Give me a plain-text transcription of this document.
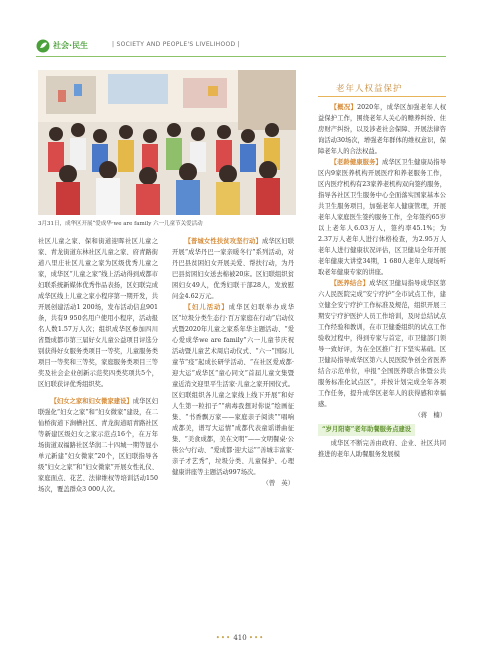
社会·民生	| SOCIETY AND PEOPLE'S LIVELIHOOD |
3月31日，成华区开展“爱成华·we are family 六一儿童节关爱活动

社区儿童之家、保和街道迎晖社区儿童之家、青龙街道东林社区儿童之家、府青路街道八里庄社区儿童之家为区级优秀儿童之家，成华区“儿童之家”线上活动得到成都市妇联系统新媒体优秀作品表扬，区妇联完成成华区线上儿童之家小程序第一期开发，共开展创建活动1 200场，发布活动信息901条，共有9 950名用户使用小程序，活动报名人数1.57万人次；组织成华区参加四川省暨成都市第三届好女儿童公益项目评选分别获得好女服务类项目一等奖，儿童服务类项目一等奖和三等奖，家庭服务类项目三等奖及社会企业创新示范奖四类奖项共5个，区妇联获评优秀组织奖。

【妇女之家和妇女微家建设】成华区妇联强化“妇女之家”和“妇女微家”建设，在二仙桥街道下涧槽社区、青龙街道昭青路社区等新建区级妇女之家示范点16个，在万年场街道双福路社区华润二十四城一期等显小单元新建“妇女微家”20个，区妇联指导各级“妇女之家”和“妇女微家”开展女性礼仪、家庭面点、花艺、法律维权等培训活动150场次，覆盖群众3 000人次。

【普城女性扶贫攻坚行动】成华区妇联开展“成华丹巴一家亲暖冬行”系列活动，对丹巴县贫困妇女开展关爱、帮扶行动，为丹巴县贫困妇女送去棉被20床。区妇联组织贫困妇女49人，优秀妇联干部28人，发放慰问金4.62万元。

【妇儿活动】成华区妇联举办成华区“垃圾分类生态行·百万家庭在行动”启动仪式暨2020年儿童之家系年华主题活动、“爱心爱成华we are family”六一儿童节庆祝活动暨儿童艺术周启动仪式、“六一”国际儿童节“疫”起成长研学活动、“在社区爱成都·迎大运”成华区“童心同文”首届儿童文集暨童近消文迎里平生活家·儿童之家开园仪式。区妇联组织各儿童之家线上线下开展“和好人生第一粒扣子”“病毒我想对你说”绘画征集、“书香飘万家——家庭亲子阅读”“唱响成都美，谱写大运情”成都代表童谣谱曲征集、“美食成都，美在文明”——文明餐桌·公筷公勺行动、“爱成都·迎大运”“善城丰富家·亲子才艺秀”，垃圾分类、儿童保护、心理健康讲座等主题活动997场次。

（曾　英）

老年人权益保护

【概况】2020年，成华区加强老年人权益保护工作，围绕老年人关心的赡养纠纷、住房财产纠纷，以及涉老社会保障、开展法律咨询活动30场次，增强老年群体的维权意识，保障老年人的合法权益。

【老龄健康服务】成华区卫生健康局指导区内9家医养机构开展医疗和养老服务工作，区内医疗机构有23家养老机构双向签约服务，指导各社区卫生服务中心全面落实国家基本公共卫生服务项目，加强老年人健康管理，开展老年人家庭医生签约服务工作，全年签约65岁以上老年人6.03万人，签约率45.1%；为2.37万人老年人进行体格检查，为2.95万人老年人进行健康状况评估，区卫健局全年开展老年健康大讲堂34期，1 680人老年人现场听取老年健康专家的讲座。

【医养结合】成华区卫健局指导成华区第六人民医院完成“安宁疗护”全市试点工作，建立健全安宁疗护工作标准及规范，组织开展三期安宁疗护医护人员工作培训，及时总结试点工作经验和教训，在市卫健委组织的试点工作验收过程中，得到专家与首定，市卫健部门领导一致好评，为在全区推广打下坚实基础。区卫健局指导成华区第六人民医院争创全省医养结合示范单位，申报“全国医养联合体暨公共服务标准化试点区”，并按计划完成全年各项工作任务，提升成华区老年人的获得感和幸福感。

（蒋　楠）

“岁月阳寄”老年助餐服务点建设

成华区不断完善由政府、企业、社区共同推进的老年人助餐服务发展模

••• 410 •••
